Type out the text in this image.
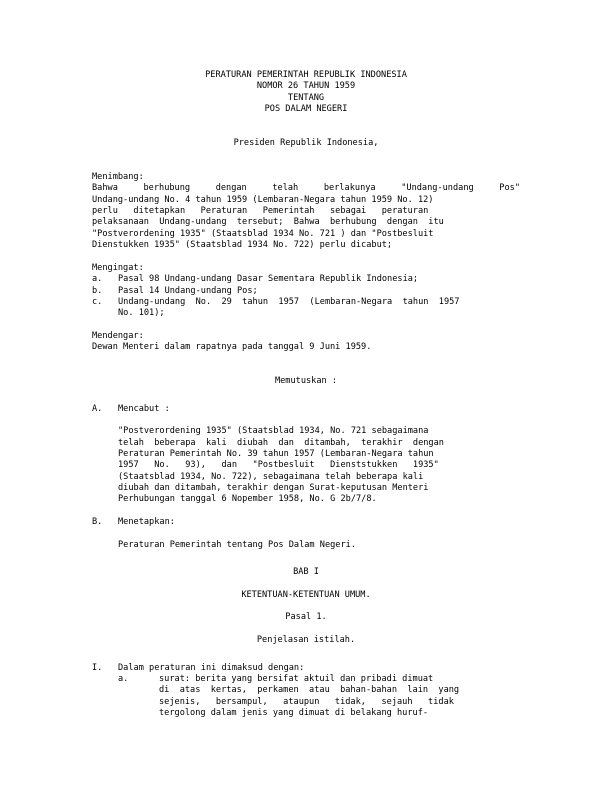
PERATURAN PEMERINTAH REPUBLIK INDONESIA
NOMOR 26 TAHUN 1959
TENTANG
POS DALAM NEGERI
Presiden Republik Indonesia,
Menimbang:
Bahwa  berhubung  dengan  telah  berlakunya  "Undang-undang  Pos"
Undang-undang No. 4 tahun 1959 (Lembaran-Negara tahun 1959 No. 12)
perlu   ditetapkan   Peraturan   Pemerintah   sebagai   peraturan
pelaksanaan  Undang-undang  tersebut;  Bahwa  berhubung  dengan  itu
"Postverordening 1935" (Staatsblad 1934 No. 721 ) dan "Postbesluit
Dienstukken 1935" (Staatsblad 1934 No. 722) perlu dicabut;
Mengingat:
a.	Pasal 98 Undang-undang Dasar Sementara Republik Indonesia;
b.	Pasal 14 Undang-undang Pos;
c.	Undang-undang  No.  29  tahun  1957  (Lembaran-Negara  tahun  1957
No. 101);
Mendengar:
Dewan Menteri dalam rapatnya pada tanggal 9 Juni 1959.
Memutuskan :
A.	Mencabut :
"Postverordening 1935" (Staatsblad 1934, No. 721 sebagaimana
telah  beberapa  kali  diubah  dan  ditambah,  terakhir  dengan
Peraturan Pemerintah No. 39 tahun 1957 (Lembaran-Negara tahun
1957   No.   93),   dan   "Postbesluit   Dienststukken   1935"
(Staatsblad 1934, No. 722), sebagaimana telah beberapa kali
diubah dan ditambah, terakhir dengan Surat-keputusan Menteri
Perhubungan tanggal 6 Nopember 1958, No. G 2b/7/8.
B.	Menetapkan:
Peraturan Pemerintah tentang Pos Dalam Negeri.
BAB I
KETENTUAN-KETENTUAN UMUM.
Pasal 1.
Penjelasan istilah.
I.	Dalam peraturan ini dimaksud dengan:
a.	surat: berita yang bersifat aktuil dan pribadi dimuat
di  atas  kertas,  perkamen  atau  bahan-bahan  lain  yang
sejenis,   bersampul,   ataupun   tidak,   sejauh   tidak
tergolong dalam jenis yang dimuat di belakang huruf-
